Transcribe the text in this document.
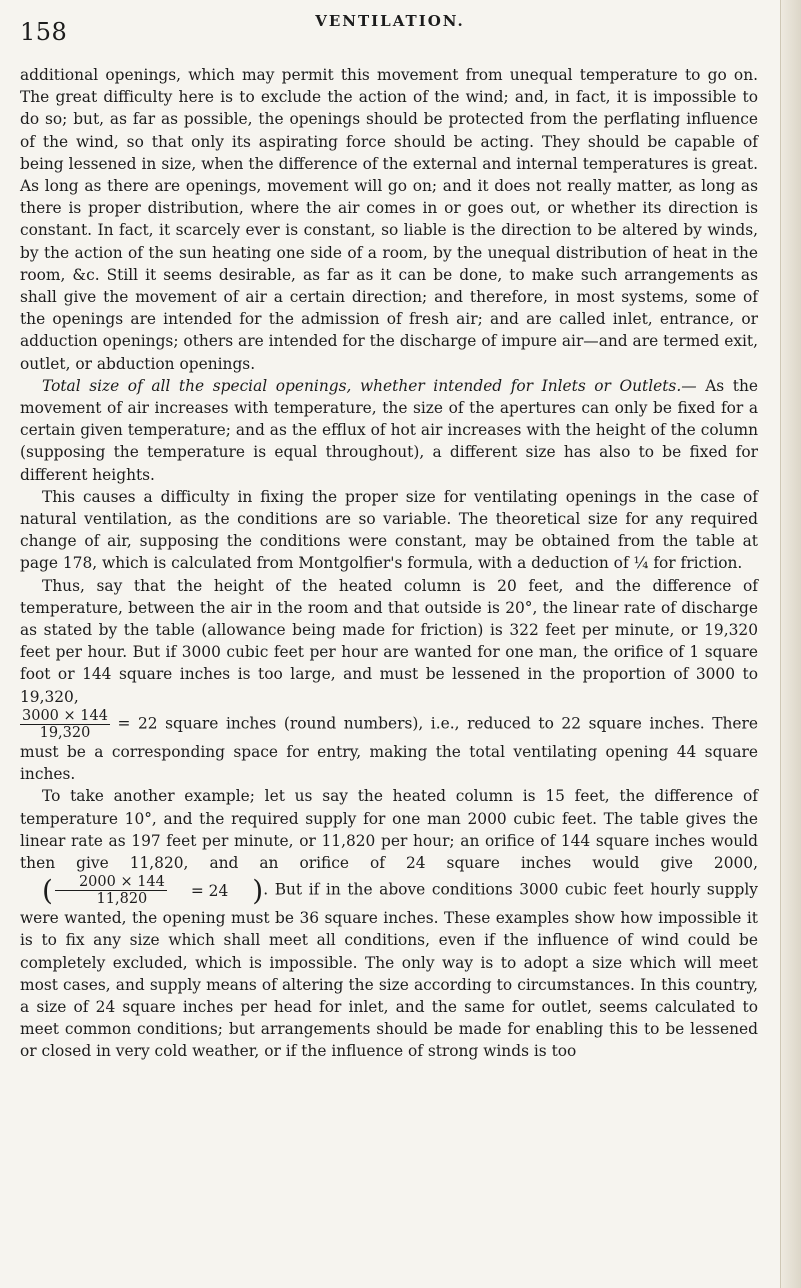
158	VENTILATION.

additional openings, which may permit this movement from unequal temperature to go on. The great difficulty here is to exclude the action of the wind; and, in fact, it is impossible to do so; but, as far as possible, the openings should be protected from the perflating influence of the wind, so that only its aspirating force should be acting. They should be capable of being lessened in size, when the difference of the external and internal temperatures is great. As long as there are openings, movement will go on; and it does not really matter, as long as there is proper distribution, where the air comes in or goes out, or whether its direction is constant. In fact, it scarcely ever is constant, so liable is the direction to be altered by winds, by the action of the sun heating one side of a room, by the unequal distribution of heat in the room, &c. Still it seems desirable, as far as it can be done, to make such arrangements as shall give the movement of air a certain direction; and therefore, in most systems, some of the openings are intended for the admission of fresh air; and are called inlet, entrance, or adduction openings; others are intended for the discharge of impure air—and are termed exit, outlet, or abduction openings.

Total size of all the special openings, whether intended for Inlets or Outlets.— As the movement of air increases with temperature, the size of the apertures can only be fixed for a certain given temperature; and as the efflux of hot air increases with the height of the column (supposing the temperature is equal throughout), a different size has also to be fixed for different heights.

This causes a difficulty in fixing the proper size for ventilating openings in the case of natural ventilation, as the conditions are so variable. The theoretical size for any required change of air, supposing the conditions were constant, may be obtained from the table at page 178, which is calculated from Montgolfier's formula, with a deduction of ¼ for friction.

Thus, say that the height of the heated column is 20 feet, and the difference of temperature, between the air in the room and that outside is 20°, the linear rate of discharge as stated by the table (allowance being made for friction) is 322 feet per minute, or 19,320 feet per hour. But if 3000 cubic feet per hour are wanted for one man, the orifice of 1 square foot or 144 square inches is too large, and must be lessened in the proportion of 3000 to 19,320,

$\frac{3000 \times 144}{19,320} = 22$ square inches (round numbers), i.e., reduced to 22 square inches. There must be a corresponding space for entry, making the total ventilating opening 44 square inches.

To take another example; let us say the heated column is 15 feet, the difference of temperature 10°, and the required supply for one man 2000 cubic feet. The table gives the linear rate as 197 feet per minute, or 11,820 per hour; an orifice of 144 square inches would then give 11,820, and an orifice of 24 square inches would give 2000,
( $\frac{2000 \times 144}{11,820}$	= 24 ) . But if in the above conditions 3000 cubic feet hourly supply were wanted, the opening must be 36 square inches. These examples show how impossible it is to fix any size which shall meet all conditions, even if the influence of wind could be completely excluded, which is impossible. The only way is to adopt a size which will meet most cases, and supply means of altering the size according to circumstances. In this country, a size of 24 square inches per head for inlet, and the same for outlet, seems calculated to meet common conditions; but arrangements should be made for enabling this to be lessened or closed in very cold weather, or if the influence of strong winds is too
